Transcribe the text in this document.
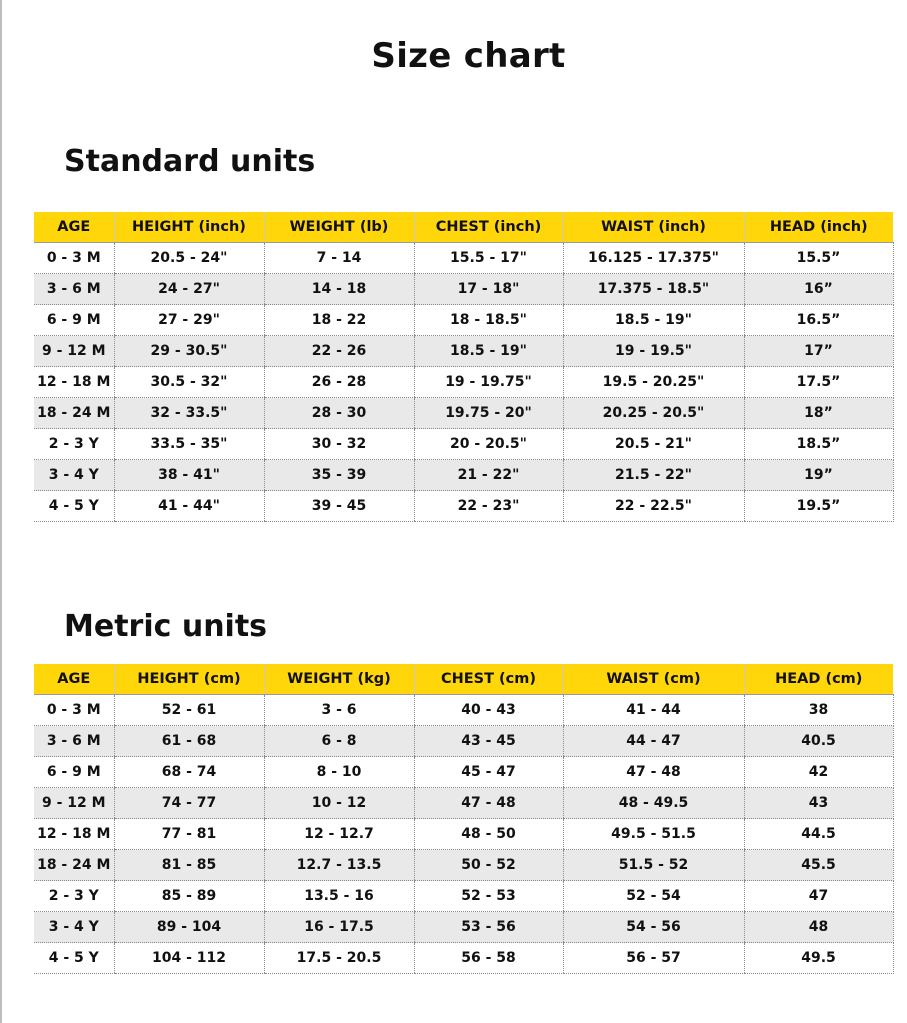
Size chart
Standard units
AGE	HEIGHT (inch)	WEIGHT (lb)	CHEST (inch)	WAIST (inch)	HEAD (inch)
0 - 3 M	20.5 - 24"	7 - 14	15.5 - 17"	16.125 - 17.375"	15.5”
3 - 6 M	24 - 27"	14 - 18	17 - 18"	17.375 - 18.5"	16”
6 - 9 M	27 - 29"	18 - 22	18 - 18.5"	18.5 - 19"	16.5”
9 - 12 M	29 - 30.5"	22 - 26	18.5 - 19"	19 - 19.5"	17”
12 - 18 M	30.5 - 32"	26 - 28	19 - 19.75"	19.5 - 20.25"	17.5”
18 - 24 M	32 - 33.5"	28 - 30	19.75 - 20"	20.25 - 20.5"	18”
2 - 3 Y	33.5 - 35"	30 - 32	20 - 20.5"	20.5 - 21"	18.5”
3 - 4 Y	38 - 41"	35 - 39	21 - 22"	21.5 - 22"	19”
4 - 5 Y	41 - 44"	39 - 45	22 - 23"	22 - 22.5"	19.5”
Metric units
AGE	HEIGHT (cm)	WEIGHT (kg)	CHEST (cm)	WAIST (cm)	HEAD (cm)
0 - 3 M	52 - 61	3 - 6	40 - 43	41 - 44	38
3 - 6 M	61 - 68	6 - 8	43 - 45	44 - 47	40.5
6 - 9 M	68 - 74	8 - 10	45 - 47	47 - 48	42
9 - 12 M	74 - 77	10 - 12	47 - 48	48 - 49.5	43
12 - 18 M	77 - 81	12 - 12.7	48 - 50	49.5 - 51.5	44.5
18 - 24 M	81 - 85	12.7 - 13.5	50 - 52	51.5 - 52	45.5
2 - 3 Y	85 - 89	13.5 - 16	52 - 53	52 - 54	47
3 - 4 Y	89 - 104	16 - 17.5	53 - 56	54 - 56	48
4 - 5 Y	104 - 112	17.5 - 20.5	56 - 58	56 - 57	49.5
